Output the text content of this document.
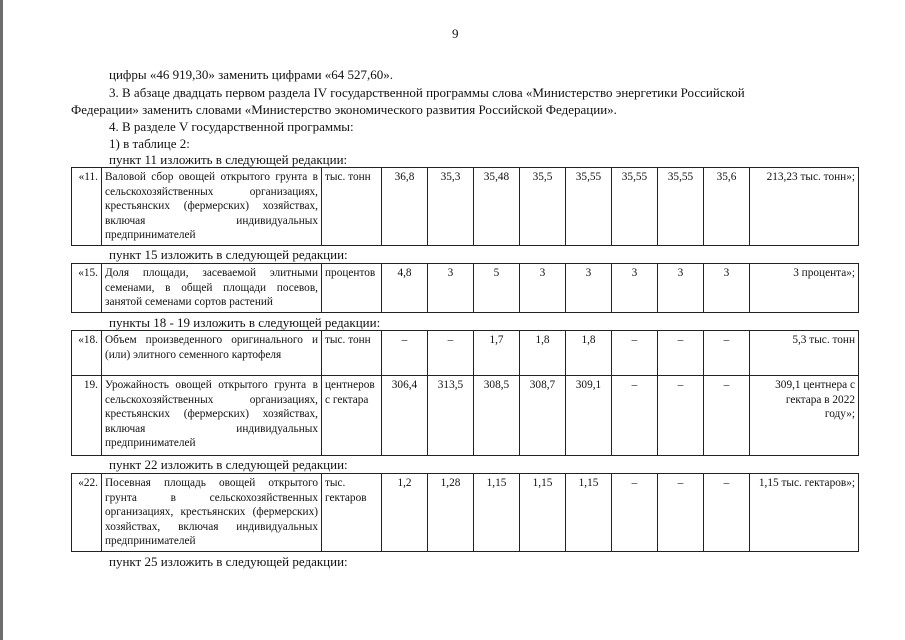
9
цифры «46 919,30» заменить цифрами «64 527,60».
3. В абзаце двадцать первом раздела IV государственной программы слова «Министерство энергетики Российской
Федерации» заменить словами «Министерство экономического развития Российской Федерации».
4. В разделе V государственной программы:
1) в таблице 2:
пункт 11 изложить в следующей редакции:
«11.	Валовой сбор овощей открытого грунта в сельскохозяйственных организациях, крестьянских (фермерских) хозяйствах, включая индивидуальных предпринимателей	тыс. тонн	36,8	35,3	35,48	35,5	35,55	35,55	35,55	35,6	213,23 тыс. тонн»;
пункт 15 изложить в следующей редакции:
«15.	Доля площади, засеваемой элитными семенами, в общей площади посевов, занятой семенами сортов растений	процентов	4,8	3	5	3	3	3	3	3	3 процента»;
пункты 18 - 19 изложить в следующей редакции:
«18.	Объем произведенного оригинального и (или) элитного семенного картофеля	тыс. тонн	–	–	1,7	1,8	1,8	–	–	–	5,3 тыс. тонн
19.	Урожайность овощей открытого грунта в сельскохозяйственных организациях, крестьянских (фермерских) хозяйствах, включая индивидуальных предпринимателей	центнеров с гектара	306,4	313,5	308,5	308,7	309,1	–	–	–	309,1 центнера с гектара в 2022 году»;
пункт 22 изложить в следующей редакции:
«22.	Посевная площадь овощей открытого грунта в сельскохозяйственных организациях, крестьянских (фермерских) хозяйствах, включая индивидуальных предпринимателей	тыс. гектаров	1,2	1,28	1,15	1,15	1,15	–	–	–	1,15 тыс. гектаров»;
пункт 25 изложить в следующей редакции:
